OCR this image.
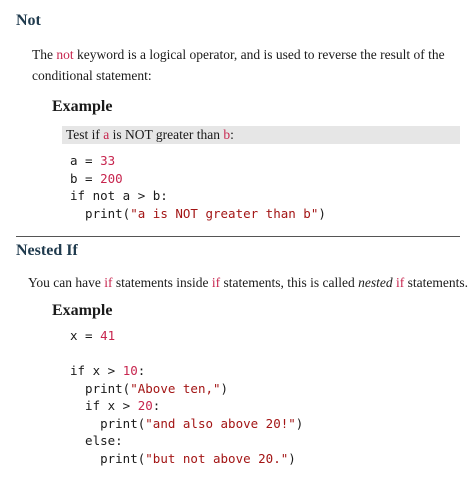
Not
The not keyword is a logical operator, and is used to reverse the result of the
conditional statement:
Example
Test if a is NOT greater than b:
a = 33
b = 200
if not a > b:
print("a is NOT greater than b")
Nested If
You can have if statements inside if statements, this is called nested if statements.
Example
x = 41

if x > 10:
print("Above ten,")
if x > 20:
print("and also above 20!")
else:
print("but not above 20.")
